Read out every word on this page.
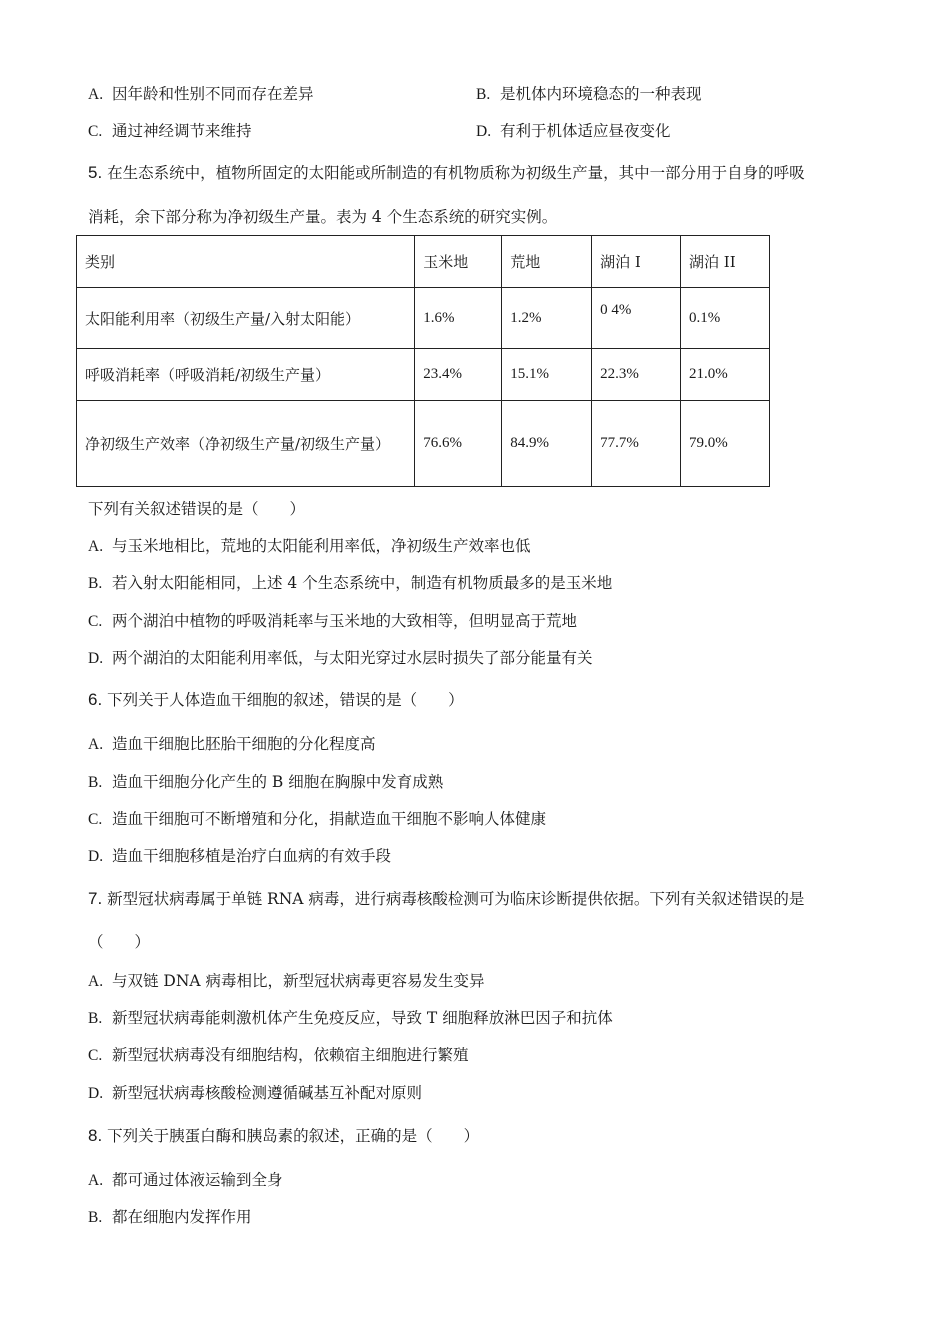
A. 因年龄和性别不同而存在差异	B. 是机体内环境稳态的一种表现
C. 通过神经调节来维持	D. 有利于机体适应昼夜变化
5. 在生态系统中，植物所固定的太阳能或所制造的有机物质称为初级生产量，其中一部分用于自身的呼吸
消耗，余下部分称为净初级生产量。表为 4 个生态系统的研究实例。
类别	玉米地	荒地	湖泊 I	湖泊 II
太阳能利用率（初级生产量/入射太阳能）	1.6%	1.2%	0 4%	0.1%
呼吸消耗率（呼吸消耗/初级生产量）	23.4%	15.1%	22.3%	21.0%
净初级生产效率（净初级生产量/初级生产量）	76.6%	84.9%	77.7%	79.0%
下列有关叙述错误的是（　　）
A. 与玉米地相比，荒地的太阳能利用率低，净初级生产效率也低
B. 若入射太阳能相同，上述 4 个生态系统中，制造有机物质最多的是玉米地
C. 两个湖泊中植物的呼吸消耗率与玉米地的大致相等，但明显高于荒地
D. 两个湖泊的太阳能利用率低，与太阳光穿过水层时损失了部分能量有关
6. 下列关于人体造血干细胞的叙述，错误的是（　　）
A. 造血干细胞比胚胎干细胞的分化程度高
B. 造血干细胞分化产生的 B 细胞在胸腺中发育成熟
C. 造血干细胞可不断增殖和分化，捐献造血干细胞不影响人体健康
D. 造血干细胞移植是治疗白血病的有效手段
7. 新型冠状病毒属于单链 RNA 病毒，进行病毒核酸检测可为临床诊断提供依据。下列有关叙述错误的是
（　　）
A. 与双链 DNA 病毒相比，新型冠状病毒更容易发生变异
B. 新型冠状病毒能刺激机体产生免疫反应，导致 T 细胞释放淋巴因子和抗体
C. 新型冠状病毒没有细胞结构，依赖宿主细胞进行繁殖
D. 新型冠状病毒核酸检测遵循碱基互补配对原则
8. 下列关于胰蛋白酶和胰岛素的叙述，正确的是（　　）
A. 都可通过体液运输到全身
B. 都在细胞内发挥作用
